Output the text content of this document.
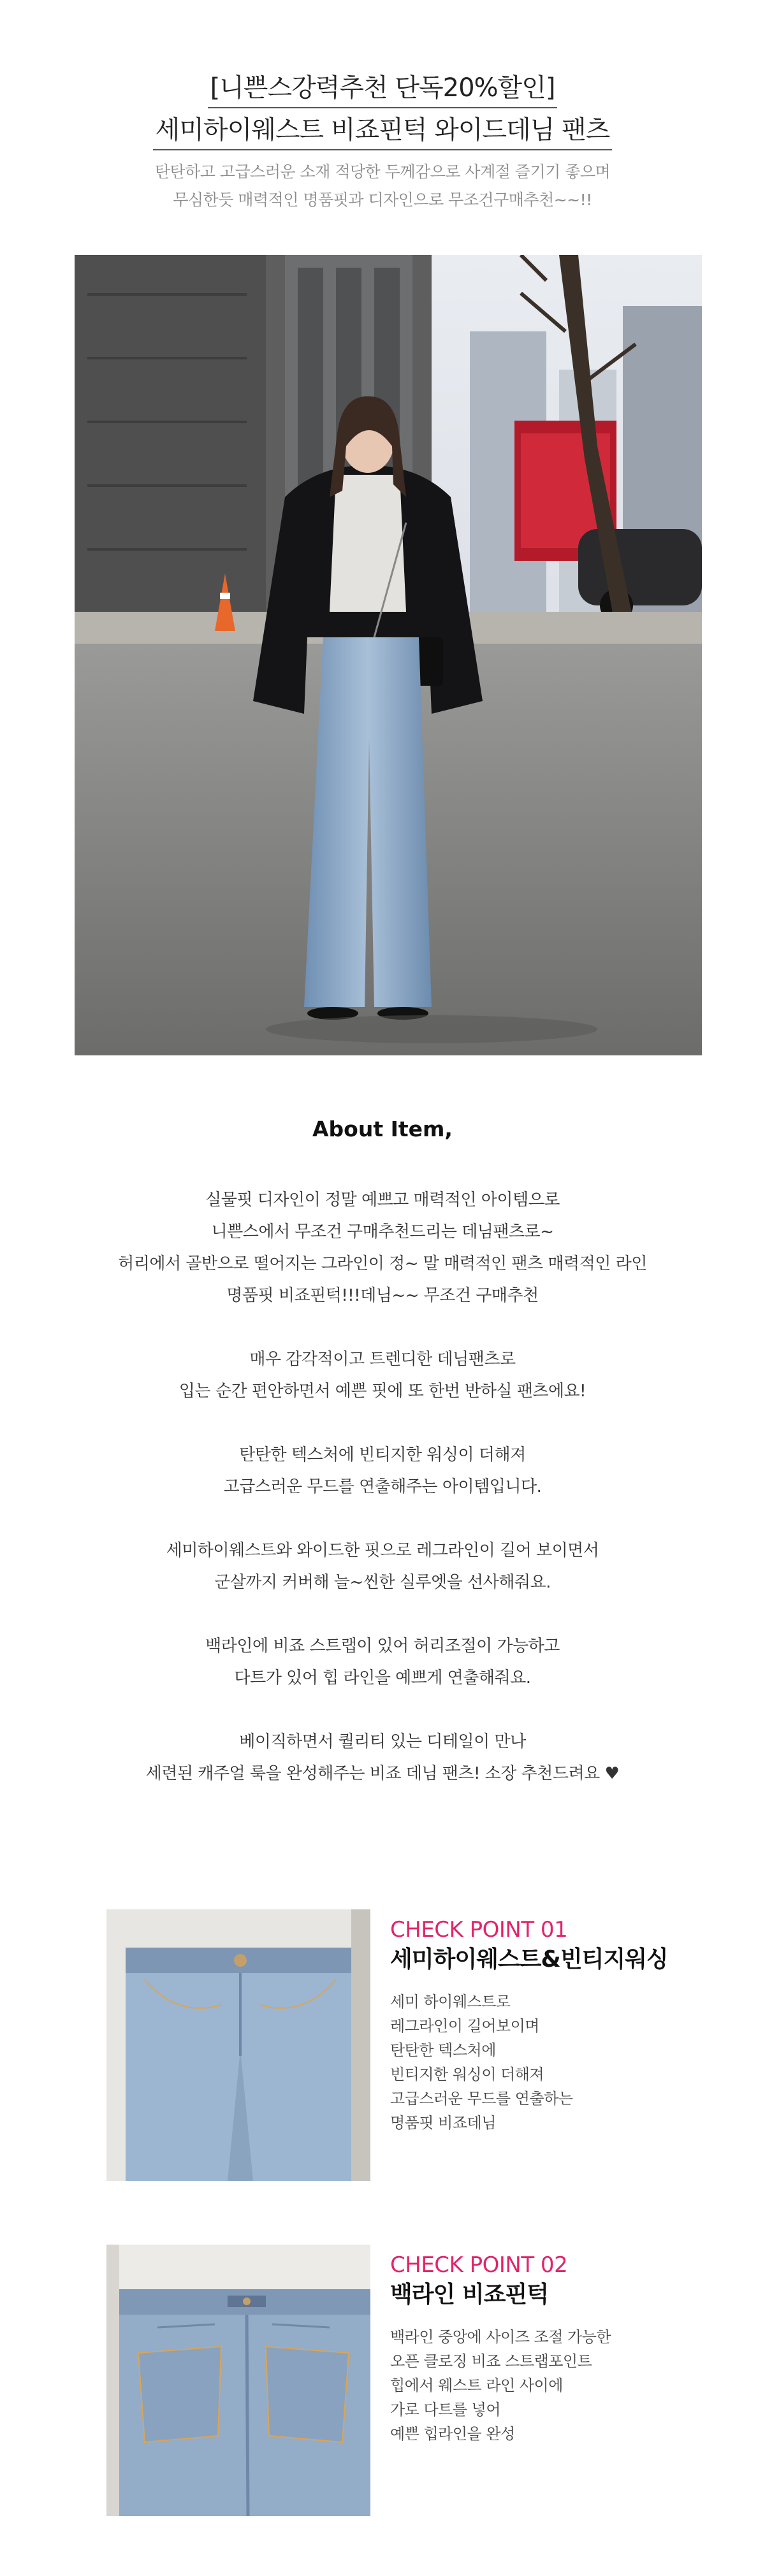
[니쁜스강력추천 단독20%할인]
세미하이웨스트 비죠핀턱 와이드데님 팬츠
탄탄하고 고급스러운 소재 적당한 두께감으로 사계절 즐기기 좋으며
무심한듯 매력적인 명품핏과 디자인으로 무조건구매추천~~!!
About Item,
실물핏 디자인이 정말 예쁘고 매력적인 아이템으로
니쁜스에서 무조건 구매추천드리는 데님팬츠로~
허리에서 골반으로 떨어지는 그라인이 정~ 말 매력적인 팬츠 매력적인 라인
명품핏 비죠핀턱!!!데님~~ 무조건 구매추천
매우 감각적이고 트렌디한 데님팬츠로
입는 순간 편안하면서 예쁜 핏에 또 한번 반하실 팬츠에요!
탄탄한 텍스처에 빈티지한 워싱이 더해져
고급스러운 무드를 연출해주는 아이템입니다.
세미하이웨스트와 와이드한 핏으로 레그라인이 길어 보이면서
군살까지 커버해 늘~씬한 실루엣을 선사해줘요.
백라인에 비죠 스트랩이 있어 허리조절이 가능하고
다트가 있어 힙 라인을 예쁘게 연출해줘요.
베이직하면서 퀄리티 있는 디테일이 만나
세련된 캐주얼 룩을 완성해주는 비죠 데님 팬츠! 소장 추천드려요 ♥
CHECK POINT 01
세미하이웨스트&빈티지워싱
세미 하이웨스트로
레그라인이 길어보이며
탄탄한 텍스처에
빈티지한 워싱이 더해져
고급스러운 무드를 연출하는
명품핏 비죠데님
CHECK POINT 02
백라인 비죠핀턱
백라인 중앙에 사이즈 조절 가능한
오픈 클로징 비죠 스트랩포인트
힙에서 웨스트 라인 사이에
가로 다트를 넣어
예쁜 힙라인을 완성
